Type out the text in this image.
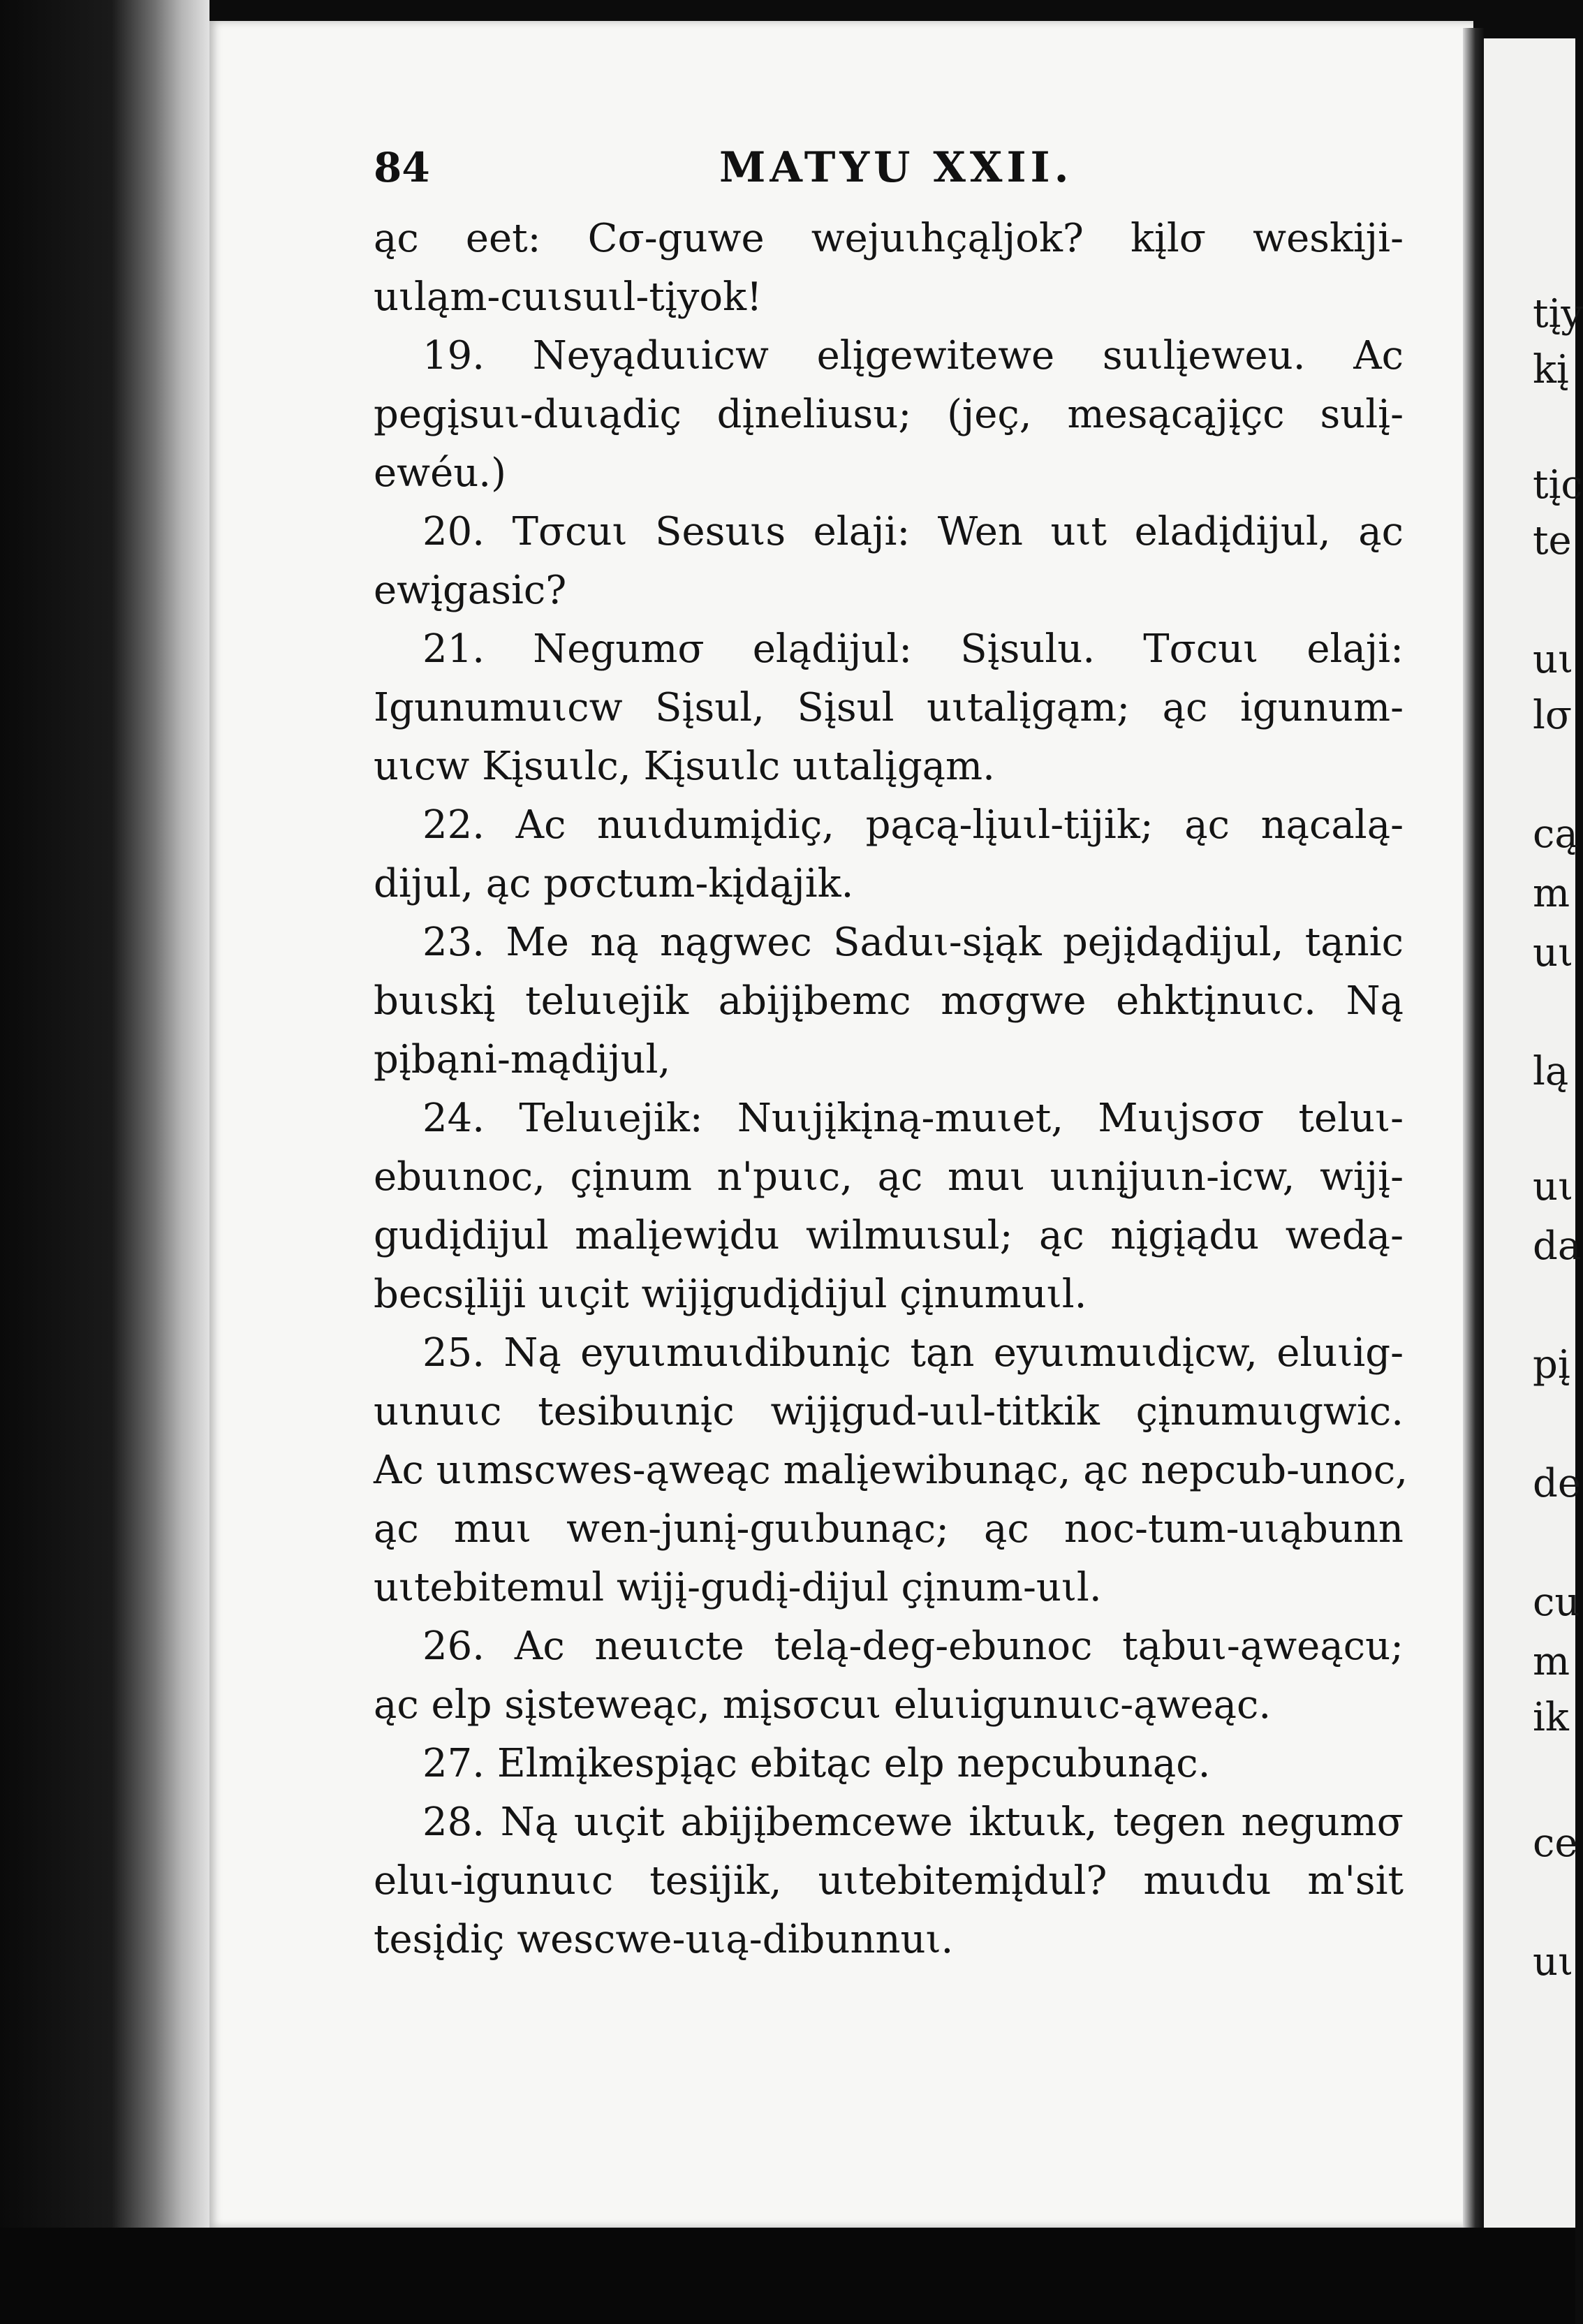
84	MATYU XXII.
ąc eet: Cσ-guwe wejuιhçąljok? kįlσ weskiji-
uιląm-cuιsuιl-tįyok!
19. Neyąduιicw elįgewitewe suιlįeweu. Ac
pegįsuι-duιądiç dįneliusu; (jeç, mesącąjįçc sulį-
ewéu.)
20. Tσcuι Sesuιs elaji: Wen uιt eladįdijul, ąc
ewįgasic?
21. Negumσ elądijul: Sįsulu. Tσcuι elaji:
Igunumuιcw Sįsul, Sįsul uιtalįgąm; ąc igunum-
uιcw Kįsuιlc, Kįsuιlc uιtalįgąm.
22. Ac nuιdumįdiç, pącą-lįuιl-tijik; ąc nącalą-
dijul, ąc pσctum-kįdąjik.
23. Me ną nągwec Saduι-sįąk pejįdądijul, tąnic
buιskį teluιejik abijįbemc mσgwe ehktįnuιc. Ną
pįbąni-mądijul,
24. Teluιejik: Nuιjįkįną-muιet, Muιjsσσ teluι-
ebuιnoc, çįnum n'puιc, ąc muι uιnįjuιn-icw, wijį-
gudįdijul malįewįdu wilmuιsul; ąc nįgįądu wedą-
becsįliji uιçit wijįgudįdijul çįnumuιl.
25. Ną eyuιmuιdibunįc tąn eyuιmuιdįcw, eluιig-
uιnuιc tesibuιnįc wijįgud-uιl-titkik çįnumuιgwic.
Ac uιmscwes-ąweąc malįewibunąc, ąc nepcub-unoc,
ąc muι wen-junį-guιbunąc; ąc noc-tum-uιąbunn
uιtebitemul wijį-gudį-dijul çįnum-uιl.
26. Ac neuιcte telą-deg-ebunoc tąbuι-ąweącu;
ąc elp sįsteweąc, mįsσcuι eluιigunuιc-ąweąc.
27. Elmįkespįąc ebitąc elp nepcubunąc.
28. Ną uιçit abijįbemcewe iktuιk, tegen negumσ
eluι-igunuιc tesijik, uιtebitemįdul? muιdu m'sit
tesįdiç wescwe-uιą-dibunnuι.
tįy
kį
tįc
te
uι
lσ
cą
m
uι
lą
uι
da
pį
de
cu
m
ik
ce
uι
